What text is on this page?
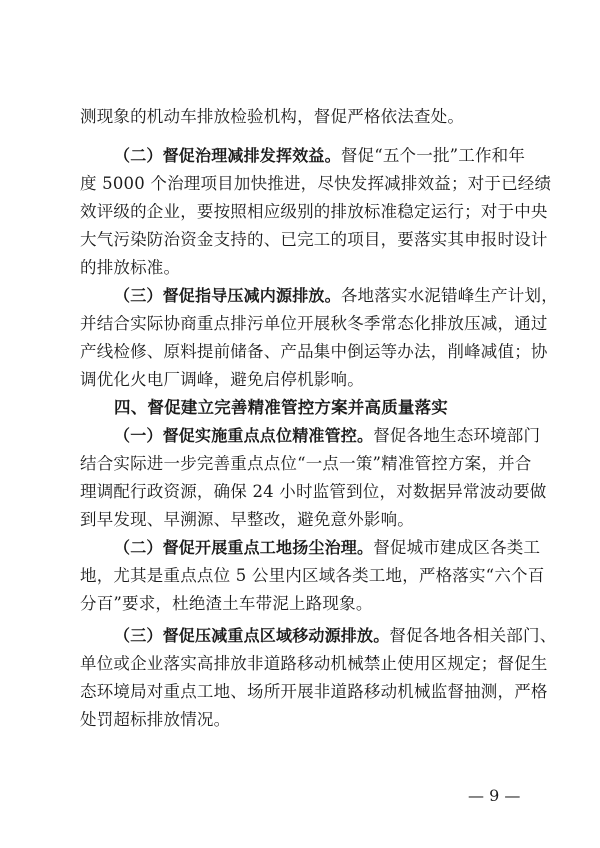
测现象的机动车排放检验机构，督促严格依法查处。
（二）督促治理减排发挥效益。督促“五个一批”工作和年
度 5000 个治理项目加快推进，尽快发挥减排效益；对于已经绩
效评级的企业，要按照相应级别的排放标准稳定运行；对于中央
大气污染防治资金支持的、已完工的项目，要落实其申报时设计
的排放标准。
（三）督促指导压减内源排放。各地落实水泥错峰生产计划，
并结合实际协商重点排污单位开展秋冬季常态化排放压减，通过
产线检修、原料提前储备、产品集中倒运等办法，削峰减值；协
调优化火电厂调峰，避免启停机影响。
四、督促建立完善精准管控方案并高质量落实
（一）督促实施重点点位精准管控。督促各地生态环境部门
结合实际进一步完善重点点位“一点一策”精准管控方案，并合
理调配行政资源，确保 24 小时监管到位，对数据异常波动要做
到早发现、早溯源、早整改，避免意外影响。
（二）督促开展重点工地扬尘治理。督促城市建成区各类工
地，尤其是重点点位 5 公里内区域各类工地，严格落实“六个百
分百”要求，杜绝渣土车带泥上路现象。
（三）督促压减重点区域移动源排放。督促各地各相关部门、
单位或企业落实高排放非道路移动机械禁止使用区规定；督促生
态环境局对重点工地、场所开展非道路移动机械监督抽测，严格
处罚超标排放情况。
— 9 —
